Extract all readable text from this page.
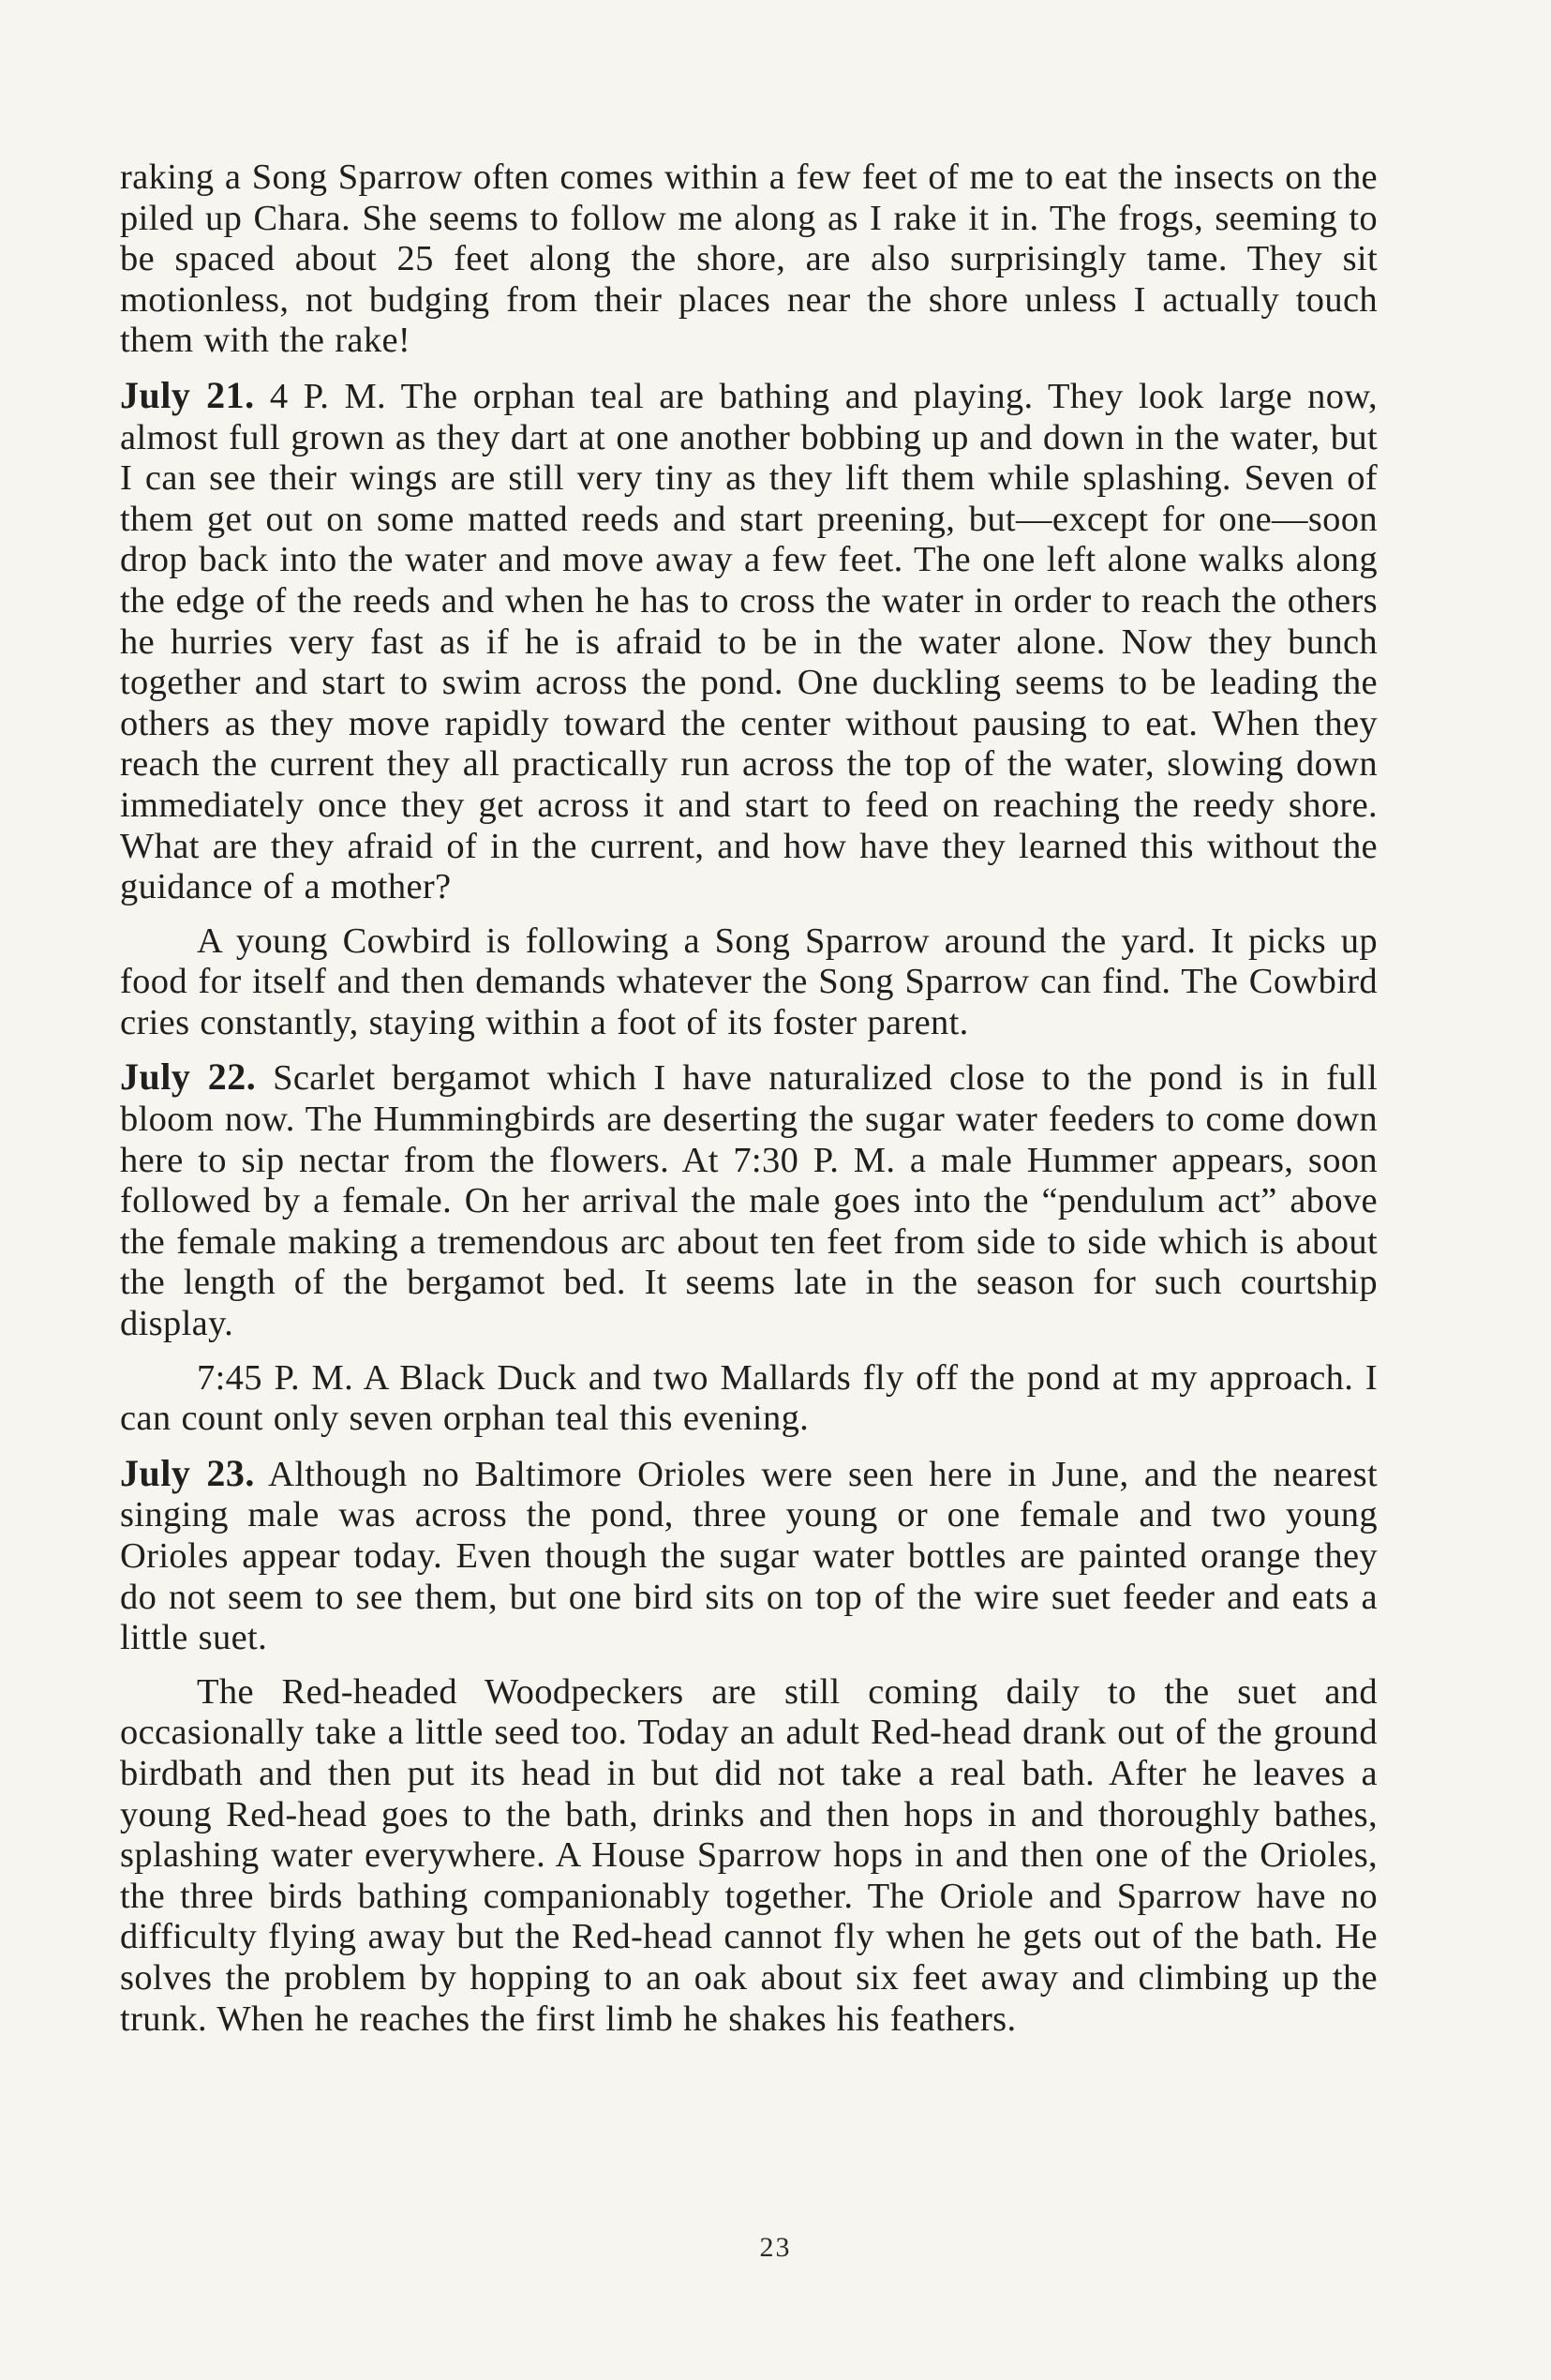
raking a Song Sparrow often comes within a few feet of me to eat the insects on the piled up Chara. She seems to follow me along as I rake it in. The frogs, seeming to be spaced about 25 feet along the shore, are also surprisingly tame. They sit motionless, not budging from their places near the shore unless I actually touch them with the rake!

July 21. 4 P. M. The orphan teal are bathing and playing. They look large now, almost full grown as they dart at one another bobbing up and down in the water, but I can see their wings are still very tiny as they lift them while splashing. Seven of them get out on some matted reeds and start preening, but—except for one—soon drop back into the water and move away a few feet. The one left alone walks along the edge of the reeds and when he has to cross the water in order to reach the others he hurries very fast as if he is afraid to be in the water alone. Now they bunch together and start to swim across the pond. One duckling seems to be leading the others as they move rapidly toward the center without pausing to eat. When they reach the current they all practically run across the top of the water, slowing down immediately once they get across it and start to feed on reaching the reedy shore. What are they afraid of in the current, and how have they learned this without the guidance of a mother?

A young Cowbird is following a Song Sparrow around the yard. It picks up food for itself and then demands whatever the Song Sparrow can find. The Cowbird cries constantly, staying within a foot of its foster parent.

July 22. Scarlet bergamot which I have naturalized close to the pond is in full bloom now. The Hummingbirds are deserting the sugar water feeders to come down here to sip nectar from the flowers. At 7:30 P. M. a male Hummer appears, soon followed by a female. On her arrival the male goes into the “pendulum act” above the female making a tremendous arc about ten feet from side to side which is about the length of the bergamot bed. It seems late in the season for such courtship display.

7:45 P. M. A Black Duck and two Mallards fly off the pond at my approach. I can count only seven orphan teal this evening.

July 23. Although no Baltimore Orioles were seen here in June, and the nearest singing male was across the pond, three young or one female and two young Orioles appear today. Even though the sugar water bottles are painted orange they do not seem to see them, but one bird sits on top of the wire suet feeder and eats a little suet.

The Red-headed Woodpeckers are still coming daily to the suet and occasionally take a little seed too. Today an adult Red-head drank out of the ground birdbath and then put its head in but did not take a real bath. After he leaves a young Red-head goes to the bath, drinks and then hops in and thoroughly bathes, splashing water everywhere. A House Sparrow hops in and then one of the Orioles, the three birds bathing companionably together. The Oriole and Sparrow have no difficulty flying away but the Red-head cannot fly when he gets out of the bath. He solves the problem by hopping to an oak about six feet away and climbing up the trunk. When he reaches the first limb he shakes his feathers.

23
